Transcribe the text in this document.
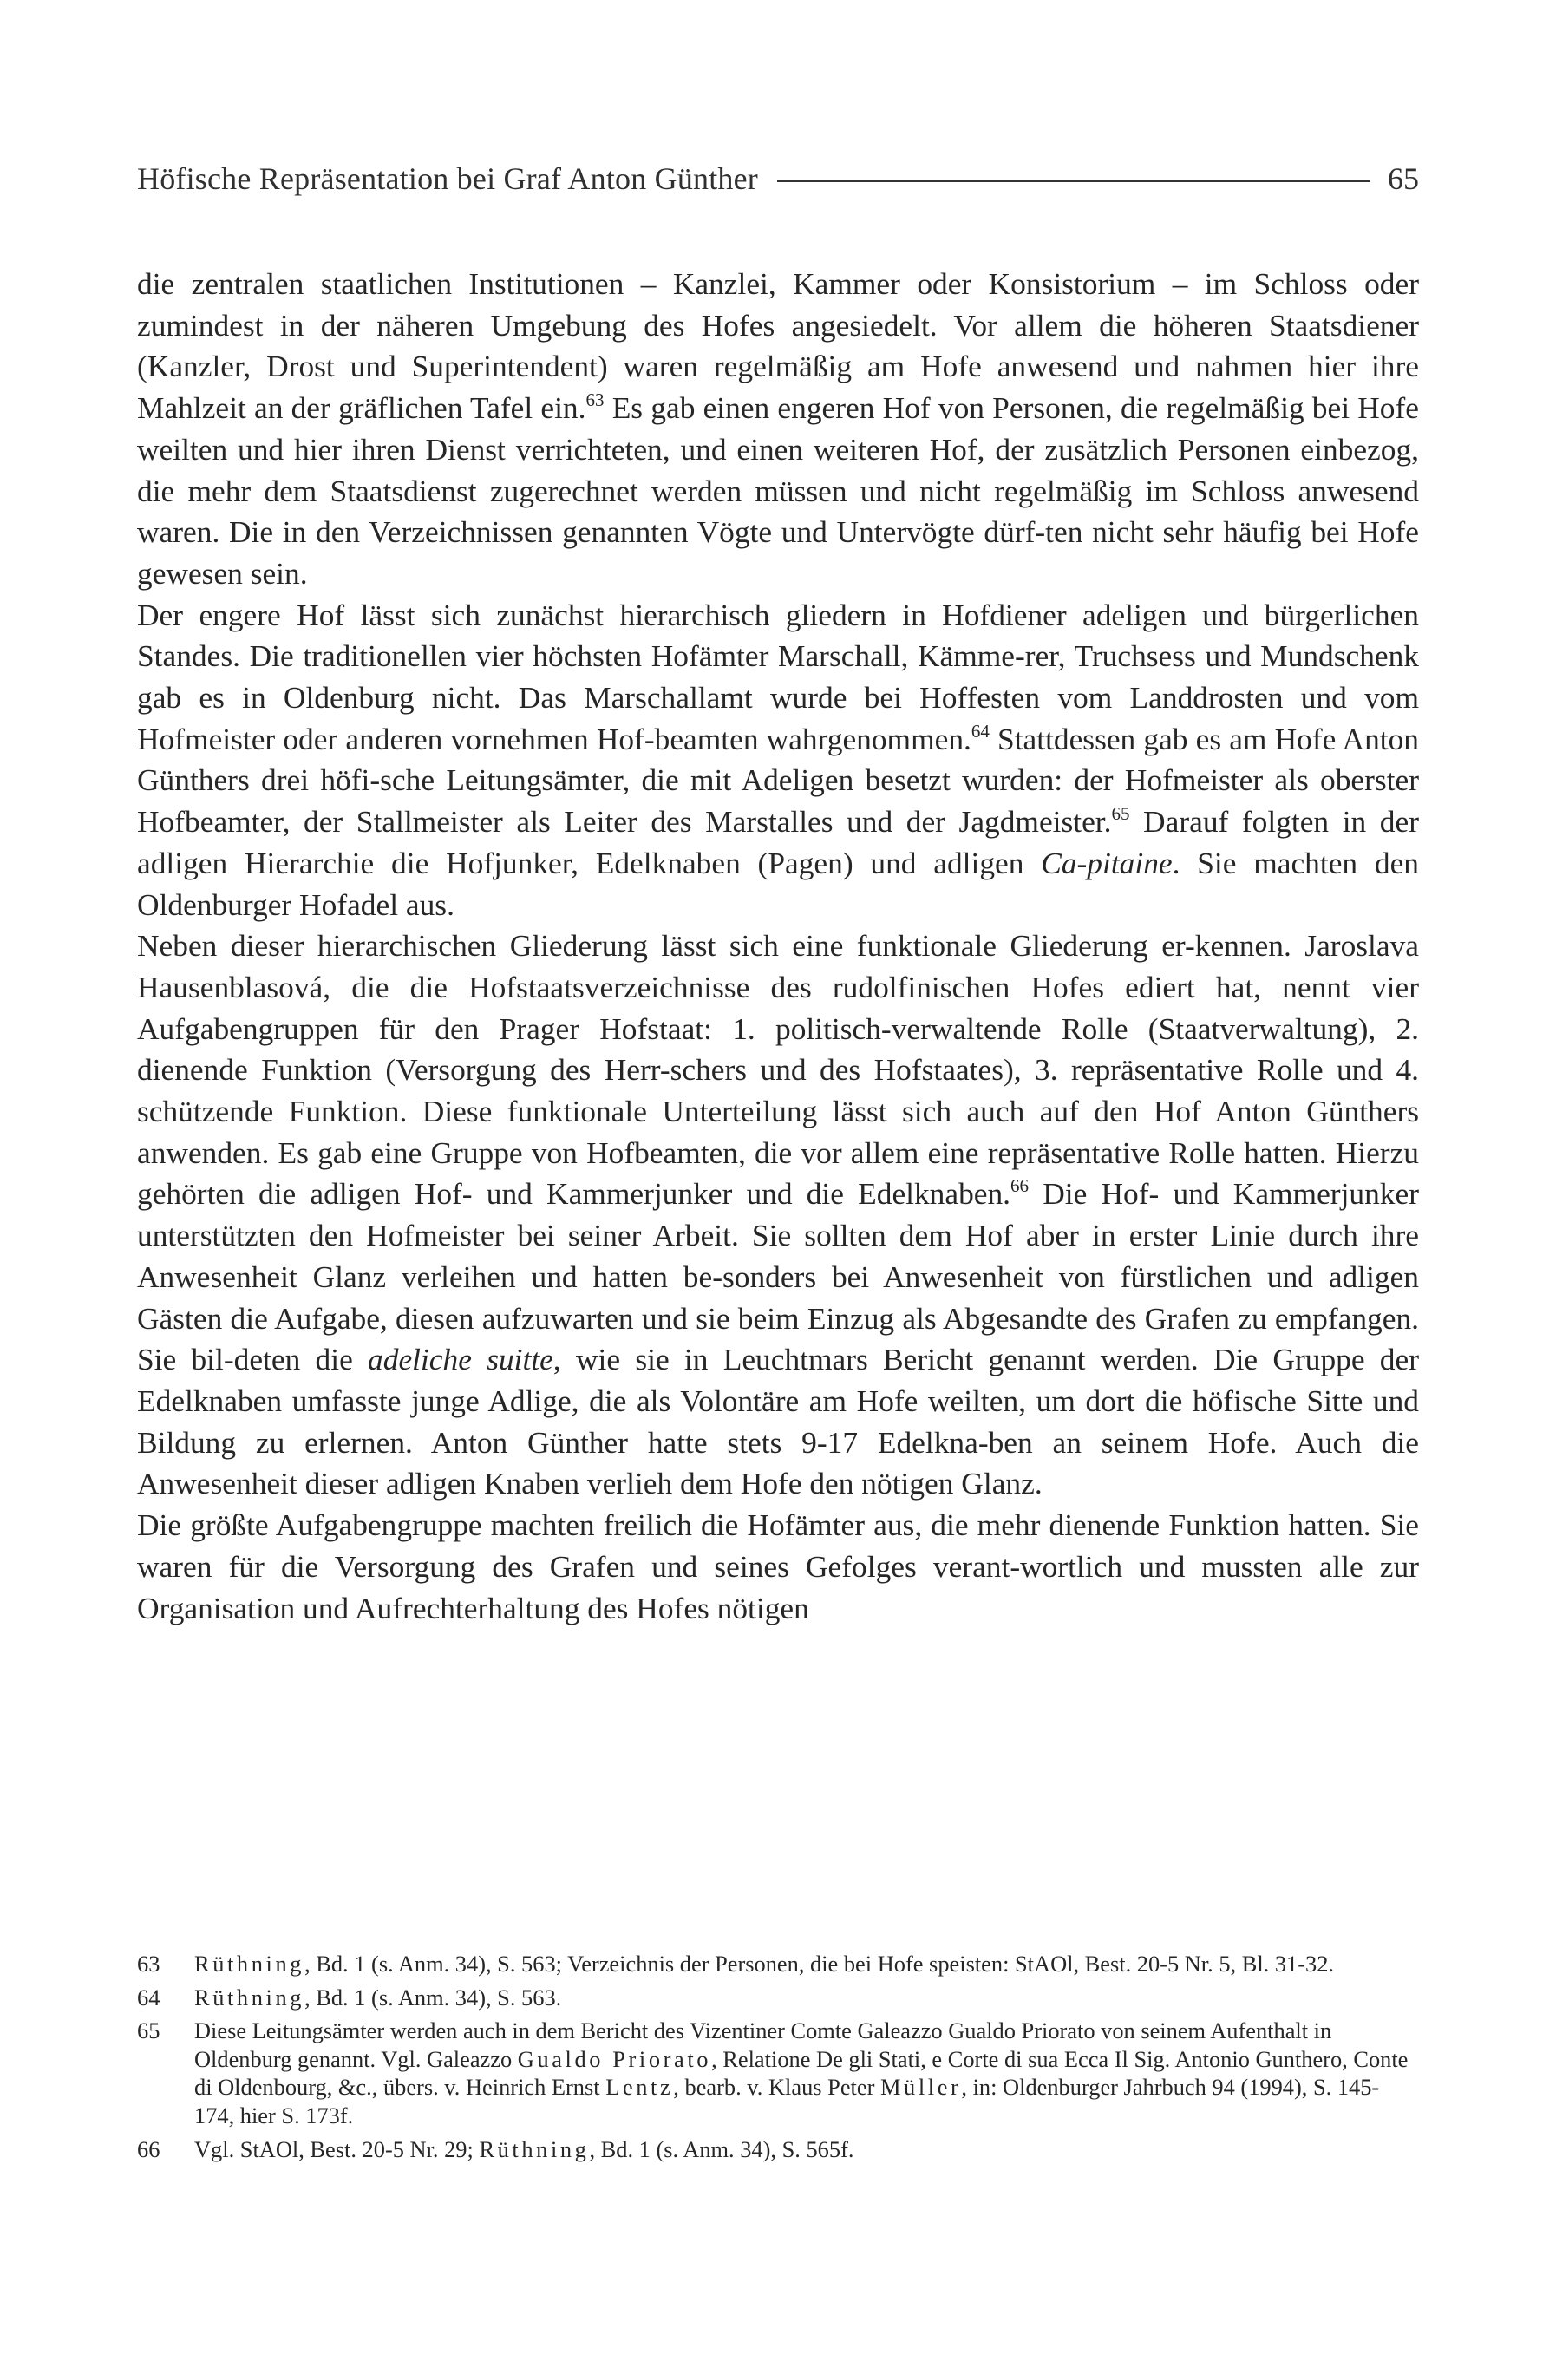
Höfische Repräsentation bei Graf Anton Günther	65

die zentralen staatlichen Institutionen – Kanzlei, Kammer oder Konsistorium – im Schloss oder zumindest in der näheren Umgebung des Hofes angesiedelt. Vor allem die höheren Staatsdiener (Kanzler, Drost und Superintendent) waren regelmäßig am Hofe anwesend und nahmen hier ihre Mahlzeit an der gräflichen Tafel ein.$^{63}$ Es gab einen engeren Hof von Personen, die regelmäßig bei Hofe weilten und hier ihren Dienst verrichteten, und einen weiteren Hof, der zusätzlich Personen einbezog, die mehr dem Staatsdienst zugerechnet werden müssen und nicht regelmäßig im Schloss anwesend waren. Die in den Verzeichnissen genannten Vögte und Untervögte dürf-ten nicht sehr häufig bei Hofe gewesen sein.

Der engere Hof lässt sich zunächst hierarchisch gliedern in Hofdiener adeligen und bürgerlichen Standes. Die traditionellen vier höchsten Hofämter Marschall, Kämme-rer, Truchsess und Mundschenk gab es in Oldenburg nicht. Das Marschallamt wurde bei Hoffesten vom Landdrosten und vom Hofmeister oder anderen vornehmen Hof-beamten wahrgenommen.$^{64}$ Stattdessen gab es am Hofe Anton Günthers drei höfi-sche Leitungsämter, die mit Adeligen besetzt wurden: der Hofmeister als oberster Hofbeamter, der Stallmeister als Leiter des Marstalles und der Jagdmeister.$^{65}$ Darauf folgten in der adligen Hierarchie die Hofjunker, Edelknaben (Pagen) und adligen Ca-pitaine. Sie machten den Oldenburger Hofadel aus.

Neben dieser hierarchischen Gliederung lässt sich eine funktionale Gliederung er-kennen. Jaroslava Hausenblasová, die die Hofstaatsverzeichnisse des rudolfinischen Hofes ediert hat, nennt vier Aufgabengruppen für den Prager Hofstaat: 1. politisch-verwaltende Rolle (Staatverwaltung), 2. dienende Funktion (Versorgung des Herr-schers und des Hofstaates), 3. repräsentative Rolle und 4. schützende Funktion. Diese funktionale Unterteilung lässt sich auch auf den Hof Anton Günthers anwenden. Es gab eine Gruppe von Hofbeamten, die vor allem eine repräsentative Rolle hatten. Hierzu gehörten die adligen Hof- und Kammerjunker und die Edelknaben.$^{66}$ Die Hof- und Kammerjunker unterstützten den Hofmeister bei seiner Arbeit. Sie sollten dem Hof aber in erster Linie durch ihre Anwesenheit Glanz verleihen und hatten be-sonders bei Anwesenheit von fürstlichen und adligen Gästen die Aufgabe, diesen aufzuwarten und sie beim Einzug als Abgesandte des Grafen zu empfangen. Sie bil-deten die adeliche suitte, wie sie in Leuchtmars Bericht genannt werden. Die Gruppe der Edelknaben umfasste junge Adlige, die als Volontäre am Hofe weilten, um dort die höfische Sitte und Bildung zu erlernen. Anton Günther hatte stets 9-17 Edelkna-ben an seinem Hofe. Auch die Anwesenheit dieser adligen Knaben verlieh dem Hofe den nötigen Glanz.

Die größte Aufgabengruppe machten freilich die Hofämter aus, die mehr dienende Funktion hatten. Sie waren für die Versorgung des Grafen und seines Gefolges verant-wortlich und mussten alle zur Organisation und Aufrechterhaltung des Hofes nötigen

63	Rüthning, Bd. 1 (s. Anm. 34), S. 563; Verzeichnis der Personen, die bei Hofe speisten: StAOl, Best. 20-5 Nr. 5, Bl. 31-32.
64	Rüthning, Bd. 1 (s. Anm. 34), S. 563.
65	Diese Leitungsämter werden auch in dem Bericht des Vizentiner Comte Galeazzo Gualdo Priorato von seinem Aufenthalt in Oldenburg genannt. Vgl. Galeazzo Gualdo Priorato, Relatione De gli Stati, e Corte di sua Ecca Il Sig. Antonio Gunthero, Conte di Oldenbourg, &c., übers. v. Heinrich Ernst Lentz, bearb. v. Klaus Peter Müller, in: Oldenburger Jahrbuch 94 (1994), S. 145-174, hier S. 173f.
66	Vgl. StAOl, Best. 20-5 Nr. 29; Rüthning, Bd. 1 (s. Anm. 34), S. 565f.
